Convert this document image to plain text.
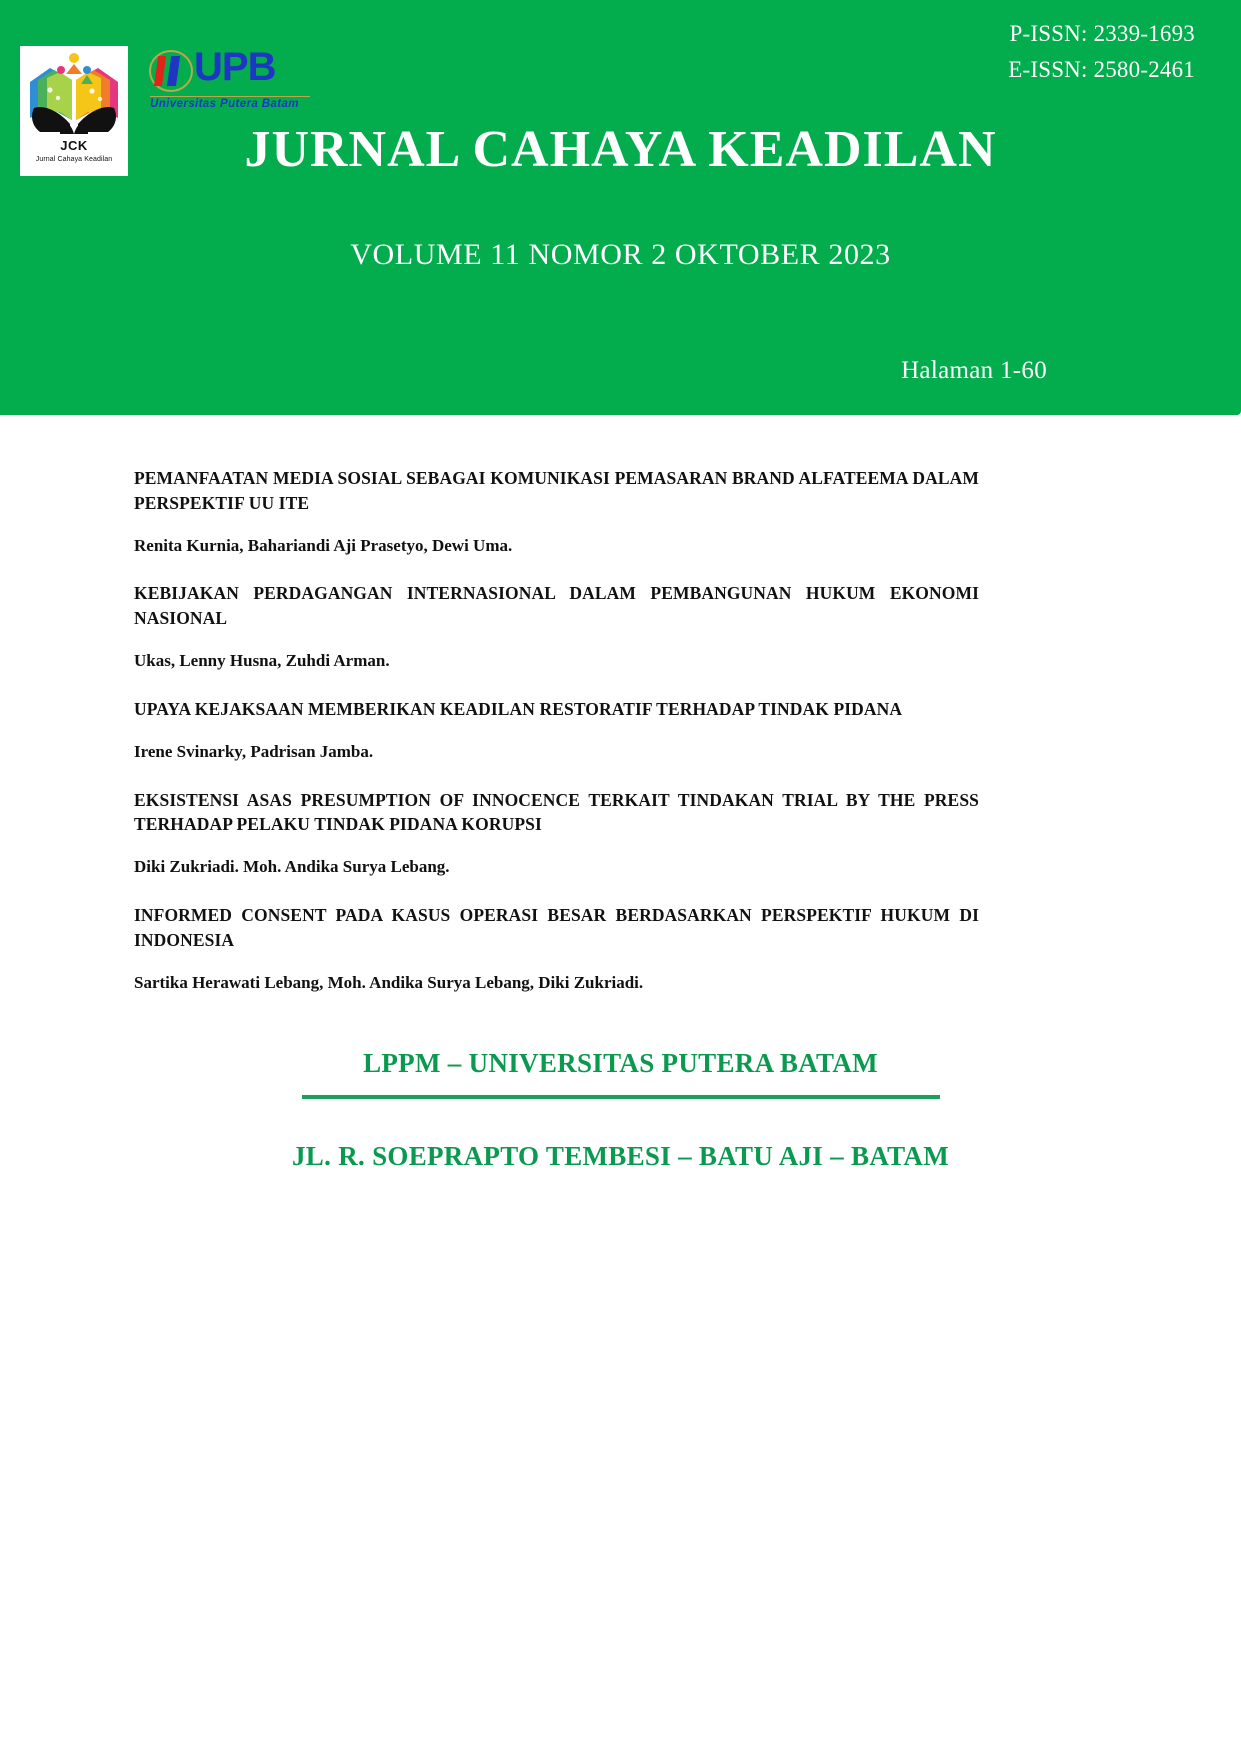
P-ISSN: 2339-1693
E-ISSN: 2580-2461
JCK
Jurnal Cahaya Keadilan
UPB
Universitas Putera Batam
JURNAL CAHAYA KEADILAN
VOLUME 11 NOMOR 2 OKTOBER 2023
Halaman 1-60

PEMANFAATAN MEDIA SOSIAL SEBAGAI KOMUNIKASI PEMASARAN BRAND ALFATEEMA DALAM PERSPEKTIF UU ITE

Renita Kurnia, Bahariandi Aji Prasetyo, Dewi Uma.

KEBIJAKAN PERDAGANGAN INTERNASIONAL DALAM PEMBANGUNAN HUKUM EKONOMI NASIONAL

Ukas, Lenny Husna, Zuhdi Arman.

UPAYA KEJAKSAAN MEMBERIKAN KEADILAN RESTORATIF TERHADAP TINDAK PIDANA

Irene Svinarky, Padrisan Jamba.

EKSISTENSI ASAS PRESUMPTION OF INNOCENCE TERKAIT TINDAKAN TRIAL BY THE PRESS TERHADAP PELAKU TINDAK PIDANA KORUPSI

Diki Zukriadi. Moh. Andika Surya Lebang.

INFORMED CONSENT PADA KASUS OPERASI BESAR BERDASARKAN PERSPEKTIF HUKUM DI INDONESIA

Sartika Herawati Lebang, Moh. Andika Surya Lebang, Diki Zukriadi.

LPPM – UNIVERSITAS PUTERA BATAM
JL. R. SOEPRAPTO TEMBESI – BATU AJI – BATAM
